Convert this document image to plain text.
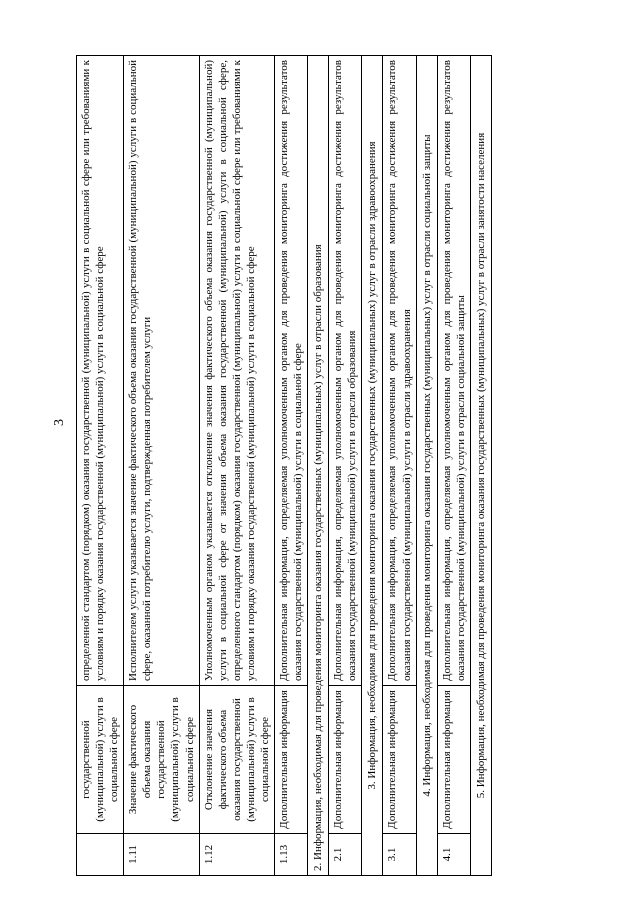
3
	государственной (муниципальной) услуги в социальной сфере	определенной стандартом (порядком) оказания государственной (муниципальной) услуги в социальной сфере или требованиями к условиям и порядку оказания государственной (муниципальной) услуги в социальной сфере
1.11	Значение фактического объема оказания государственной (муниципальной) услуги в социальной сфере	Исполнителем услуги указывается значение фактического объема оказания государственной (муниципальной) услуги в социальной сфере, оказанной потребителю услуги, подтвержденная потребителем услуги
1.12	Отклонение значения фактического объема оказания государственной (муниципальной) услуги в социальной сфере	Уполномоченным органом указывается отклонение значения фактического объема оказания государственной (муниципальной) услуги в социальной сфере от значения объема оказания государственной (муниципальной) услуги в социальной сфере, определенного стандартом (порядком) оказания государственной (муниципальной) услуги в социальной сфере или требованиями к условиям и порядку оказания государственной (муниципальной) услуги в социальной сфере
1.13	Дополнительная информация	Дополнительная информация, определяемая уполномоченным органом для проведения мониторинга достижения результатов оказания государственной (муниципальной) услуги в социальной сфере
2. Информация, необходимая для проведения мониторинга оказания государственных (муниципальных) услуг в отрасли образования		
2.1	Дополнительная информация	Дополнительная информация, определяемая уполномоченным органом для проведения мониторинга достижения результатов оказания государственной (муниципальной) услуги в отрасли образования
3. Информация, необходимая для проведения мониторинга оказания государственных (муниципальных) услуг в отрасли здравоохранения		
3.1	Дополнительная информация	Дополнительная информация, определяемая уполномоченным органом для проведения мониторинга достижения результатов оказания государственной (муниципальной) услуги в отрасли здравоохранения
4. Информация, необходимая для проведения мониторинга оказания государственных (муниципальных) услуг в отрасли социальной защиты		
4.1	Дополнительная информация	Дополнительная информация, определяемая уполномоченным органом для проведения мониторинга достижения результатов оказания государственной (муниципальной) услуги в отрасли социальной защиты
5. Информация, необходимая для проведения мониторинга оказания государственных (муниципальных) услуг в отрасли занятости населения		
